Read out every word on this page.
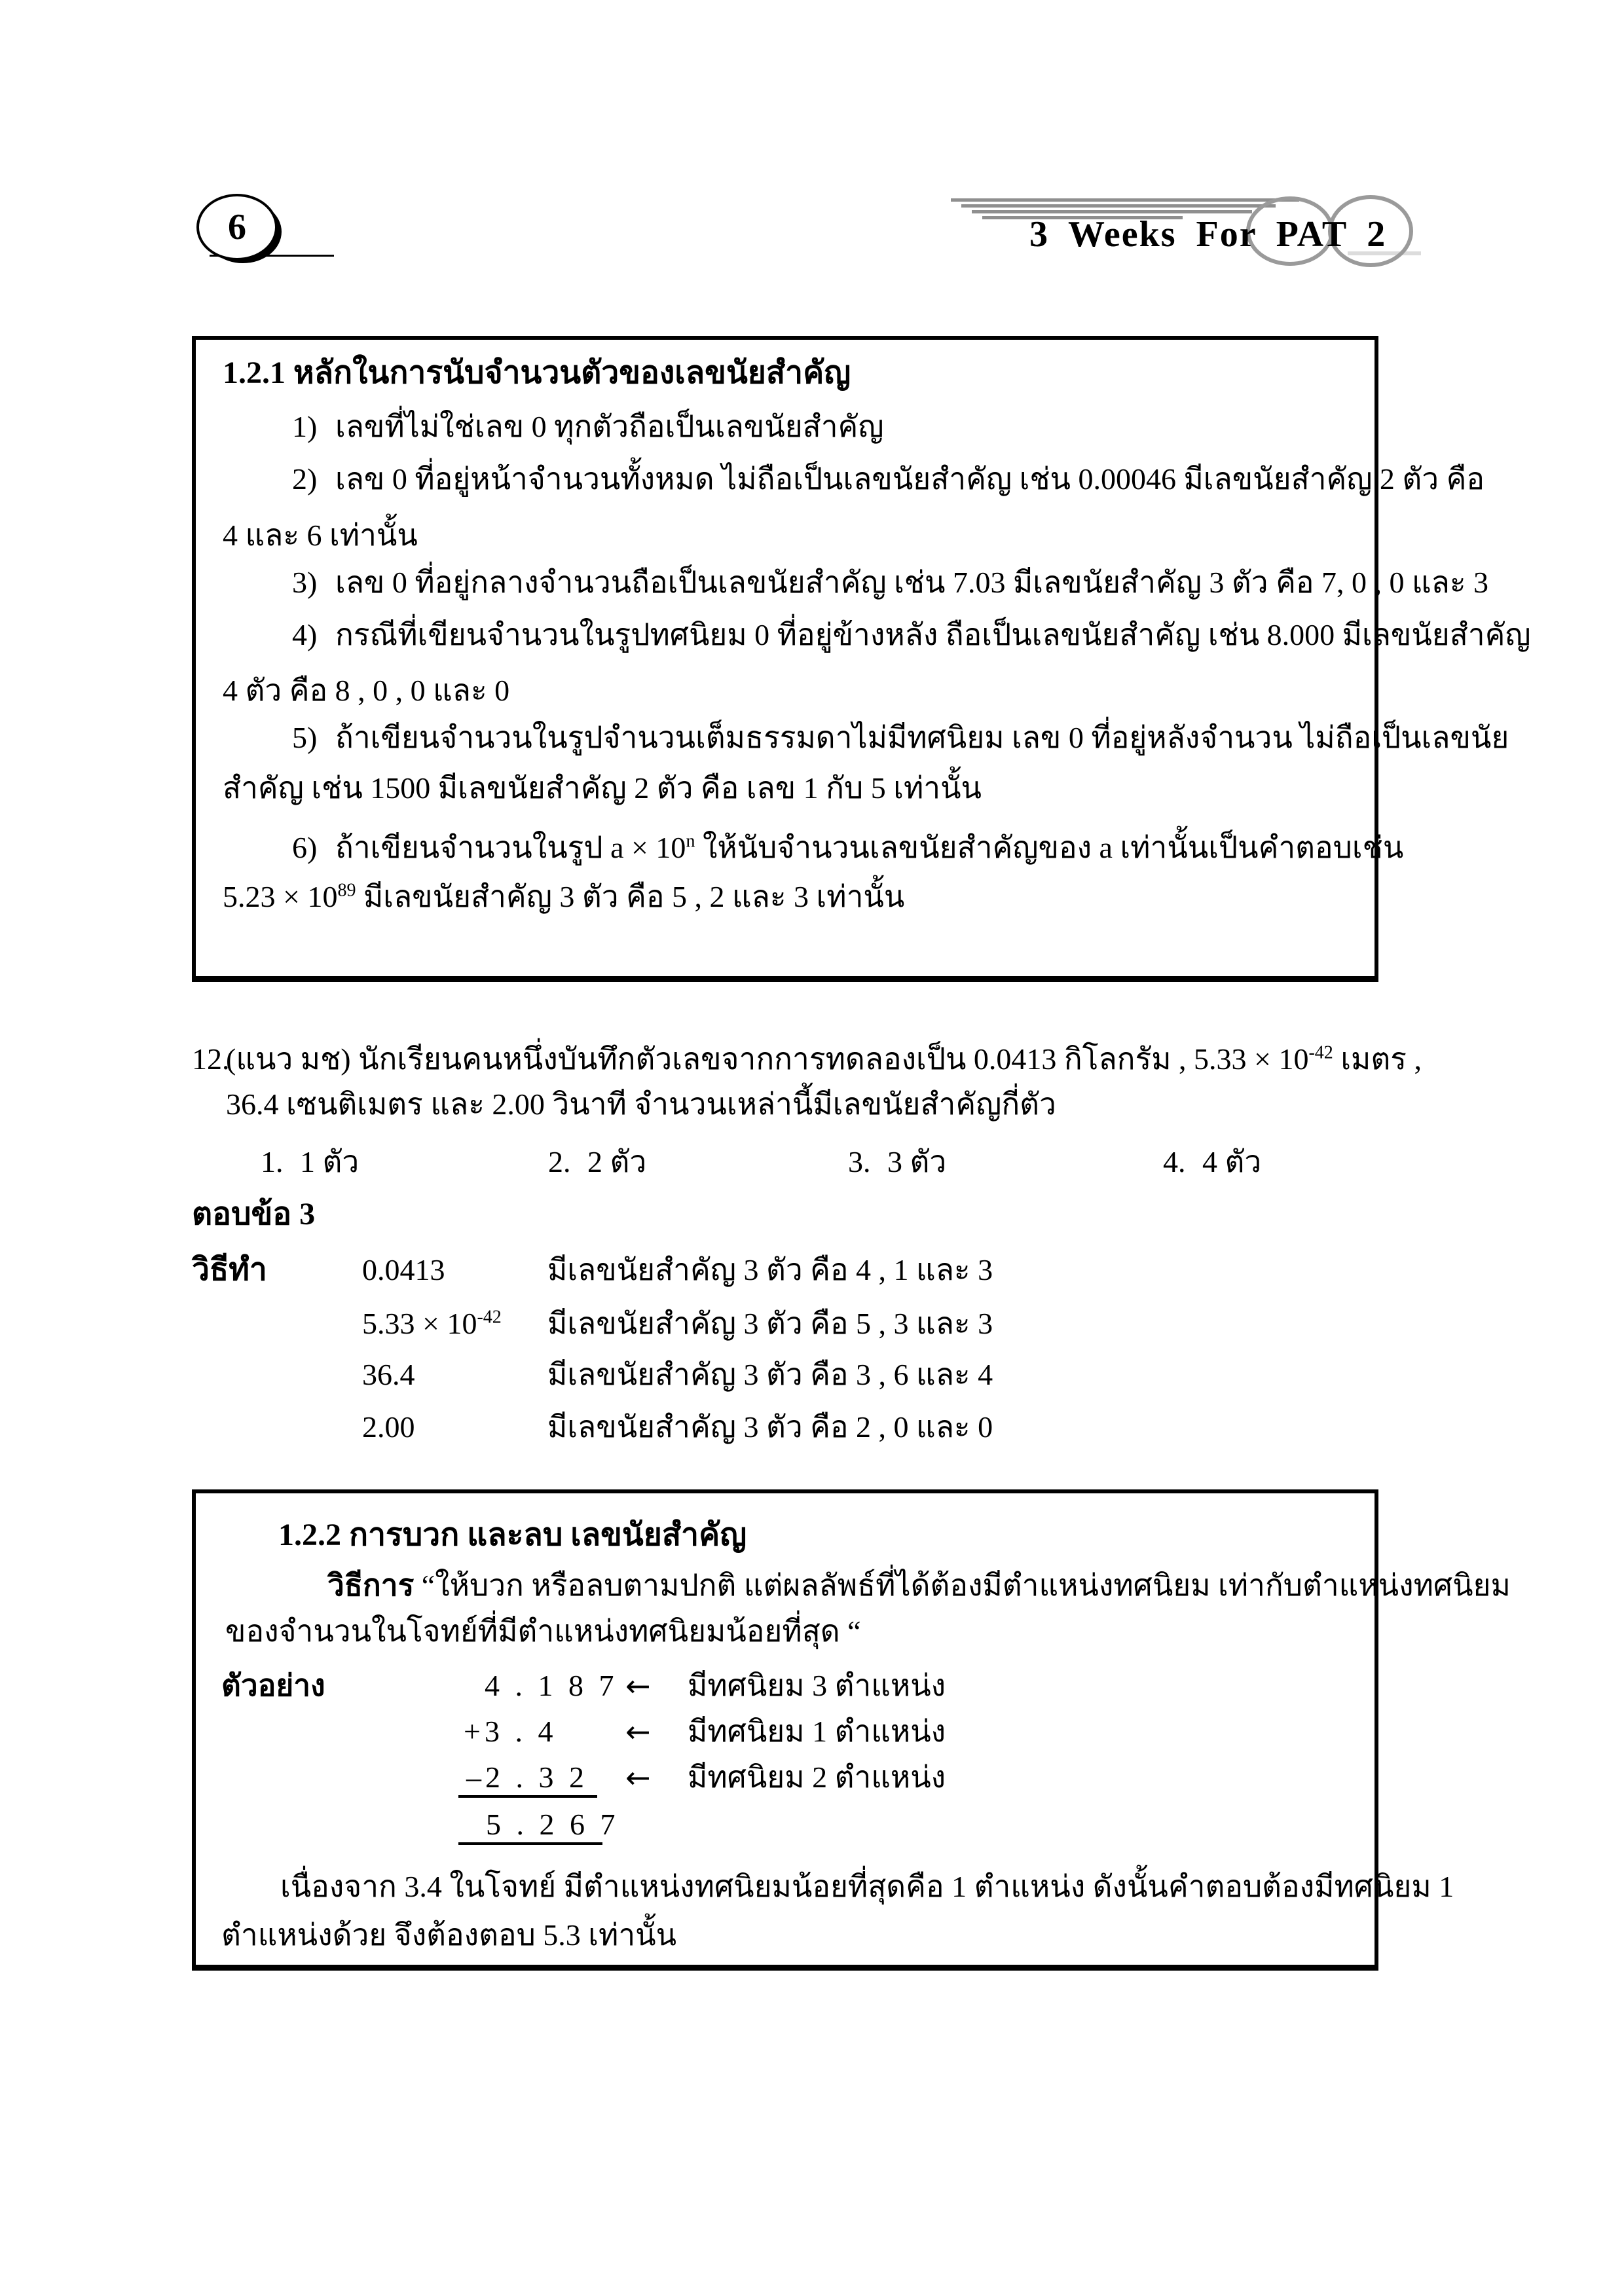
6	3 Weeks For PAT 2
1.2.1 หลักในการนับจำนวนตัวของเลขนัยสำคัญ
1) เลขที่ไม่ใช่เลข 0 ทุกตัวถือเป็นเลขนัยสำคัญ
2) เลข 0 ที่อยู่หน้าจำนวนทั้งหมด ไม่ถือเป็นเลขนัยสำคัญ เช่น 0.00046 มีเลขนัยสำคัญ 2 ตัว คือ
4 และ 6 เท่านั้น
3) เลข 0 ที่อยู่กลางจำนวนถือเป็นเลขนัยสำคัญ เช่น 7.03 มีเลขนัยสำคัญ 3 ตัว คือ 7, 0 , 0 และ 3
4) กรณีที่เขียนจำนวนในรูปทศนิยม 0 ที่อยู่ข้างหลัง ถือเป็นเลขนัยสำคัญ เช่น 8.000 มีเลขนัยสำคัญ
4 ตัว คือ 8 , 0 , 0 และ 0
5) ถ้าเขียนจำนวนในรูปจำนวนเต็มธรรมดาไม่มีทศนิยม เลข 0 ที่อยู่หลังจำนวน ไม่ถือเป็นเลขนัย
สำคัญ เช่น 1500 มีเลขนัยสำคัญ 2 ตัว คือ เลข 1 กับ 5 เท่านั้น
6) ถ้าเขียนจำนวนในรูป $a \times 10^n$ ให้นับจำนวนเลขนัยสำคัญของ a เท่านั้นเป็นคำตอบเช่น
$5.23 \times 10^{89}$ มีเลขนัยสำคัญ 3 ตัว คือ 5 , 2 และ 3 เท่านั้น
12.(แนว มช) นักเรียนคนหนึ่งบันทึกตัวเลขจากการทดลองเป็น 0.0413 กิโลกรัม , $5.33 \times 10^{-42}$ เมตร ,
36.4 เซนติเมตร และ 2.00 วินาที จำนวนเหล่านี้มีเลขนัยสำคัญกี่ตัว
1. 1 ตัว	2. 2 ตัว	3. 3 ตัว	4. 4 ตัว
ตอบข้อ 3
วิธีทำ	0.0413	มีเลขนัยสำคัญ 3 ตัว คือ 4 , 1 และ 3
$5.33 \times 10^{-42}$ มีเลขนัยสำคัญ 3 ตัว คือ 5 , 3 และ 3
36.4	มีเลขนัยสำคัญ 3 ตัว คือ 3 , 6 และ 4
2.00	มีเลขนัยสำคัญ 3 ตัว คือ 2 , 0 และ 0
1.2.2 การบวก และลบ เลขนัยสำคัญ
วิธีการ “ให้บวก หรือลบตามปกติ แต่ผลลัพธ์ที่ได้ต้องมีตำแหน่งทศนิยม เท่ากับตำแหน่งทศนิยม
ของจำนวนในโจทย์ที่มีตำแหน่งทศนิยมน้อยที่สุด “
ตัวอย่าง	4 . 1 8 7 ← มีทศนิยม 3 ตำแหน่ง
+3 . 4 ← มีทศนิยม 1 ตำแหน่ง
–2 . 3 2 ← มีทศนิยม 2 ตำแหน่ง
5 . 2 6 7
เนื่องจาก 3.4 ในโจทย์ มีตำแหน่งทศนิยมน้อยที่สุดคือ 1 ตำแหน่ง ดังนั้นคำตอบต้องมีทศนิยม 1
ตำแหน่งด้วย จึงต้องตอบ 5.3 เท่านั้น
